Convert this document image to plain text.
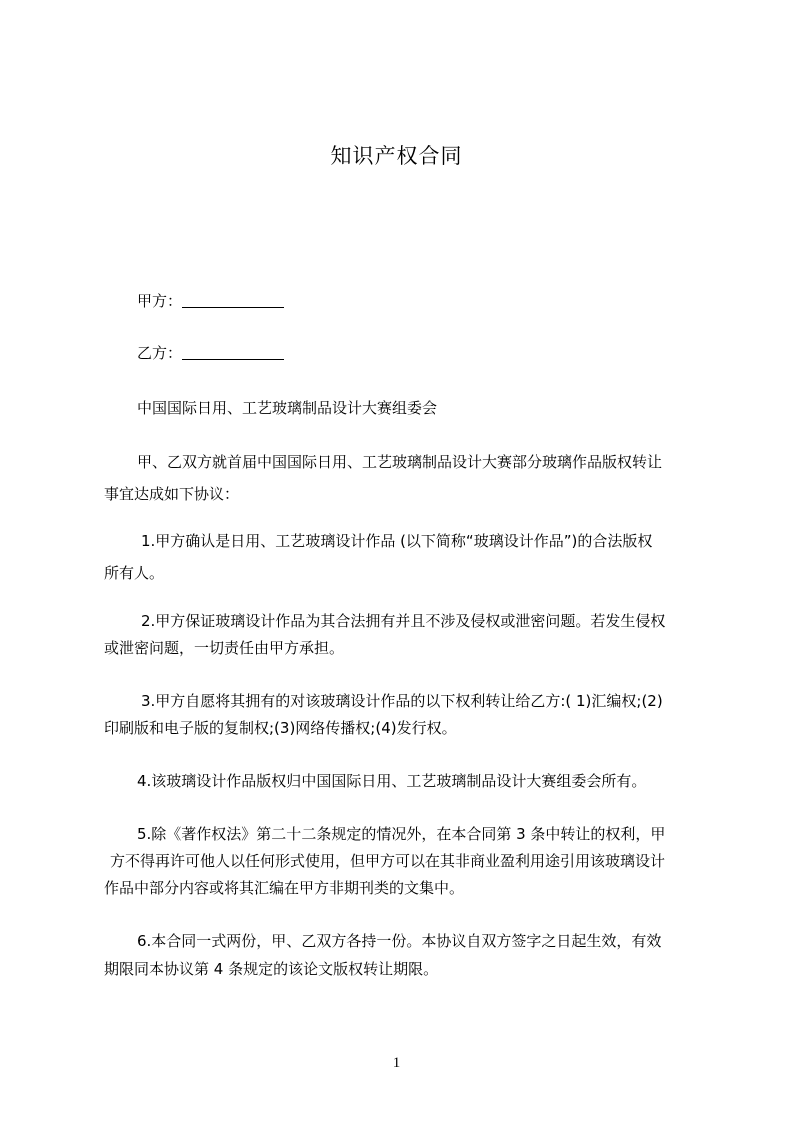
知识产权合同
甲方：
乙方：
中国国际日用、工艺玻璃制品设计大赛组委会
甲、乙双方就首届中国国际日用、工艺玻璃制品设计大赛部分玻璃作品版权转让
事宜达成如下协议：
1.甲方确认是日用、工艺玻璃设计作品 (以下简称“玻璃设计作品”)的合法版权
所有人。
2.甲方保证玻璃设计作品为其合法拥有并且不涉及侵权或泄密问题。若发生侵权
或泄密问题，一切责任由甲方承担。
3.甲方自愿将其拥有的对该玻璃设计作品的以下权利转让给乙方:( 1)汇编权;(2)
印刷版和电子版的复制权;(3)网络传播权;(4)发行权。
4.该玻璃设计作品版权归中国国际日用、工艺玻璃制品设计大赛组委会所有。
5.除《著作权法》第二十二条规定的情况外，在本合同第 3 条中转让的权利，甲
方不得再许可他人以任何形式使用，但甲方可以在其非商业盈利用途引用该玻璃设计
作品中部分内容或将其汇编在甲方非期刊类的文集中。
6.本合同一式两份，甲、乙双方各持一份。本协议自双方签字之日起生效，有效
期限同本协议第 4 条规定的该论文版权转让期限。
1
